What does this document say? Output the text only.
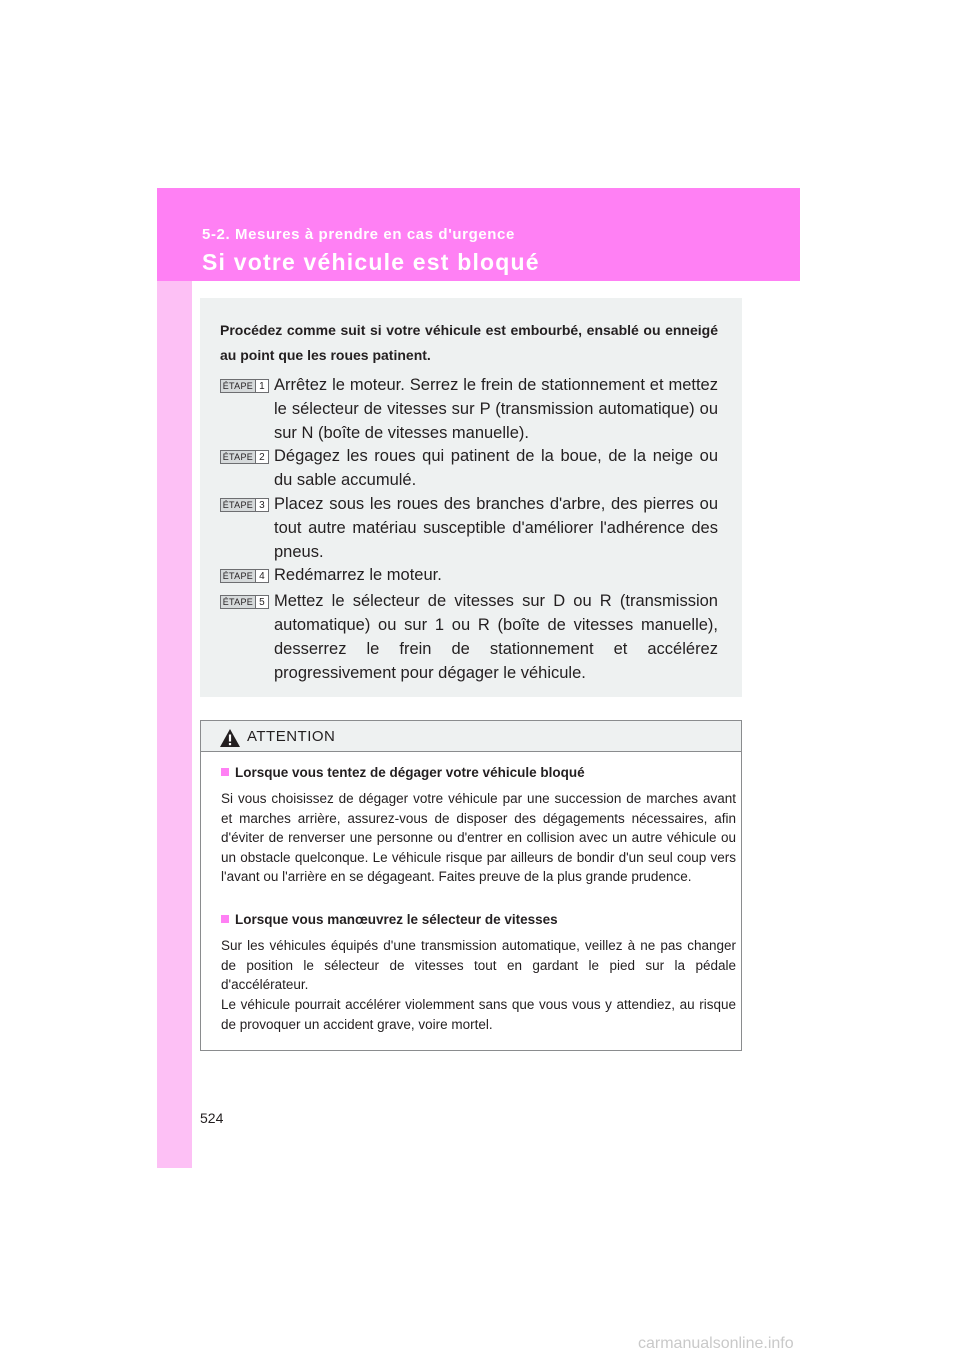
5-2. Mesures à prendre en cas d'urgence
Si votre véhicule est bloqué
Procédez comme suit si votre véhicule est embourbé, ensablé ou enneigé au point que les roues patinent.
ÉTAPE 1 Arrêtez le moteur. Serrez le frein de stationnement et mettez le sélecteur de vitesses sur P (transmission automatique) ou sur N (boîte de vitesses manuelle).
ÉTAPE 2 Dégagez les roues qui patinent de la boue, de la neige ou du sable accumulé.
ÉTAPE 3 Placez sous les roues des branches d'arbre, des pierres ou tout autre matériau susceptible d'améliorer l'adhérence des pneus.
ÉTAPE 4 Redémarrez le moteur.
ÉTAPE 5 Mettez le sélecteur de vitesses sur D ou R (transmission automatique) ou sur 1 ou R (boîte de vitesses manuelle), desserrez le frein de stationnement et accélérez progressivement pour dégager le véhicule.
ATTENTION
Lorsque vous tentez de dégager votre véhicule bloqué
Si vous choisissez de dégager votre véhicule par une succession de marches avant et marches arrière, assurez-vous de disposer des dégagements nécessaires, afin d'éviter de renverser une personne ou d'entrer en collision avec un autre véhicule ou un obstacle quelconque. Le véhicule risque par ailleurs de bondir d'un seul coup vers l'avant ou l'arrière en se dégageant. Faites preuve de la plus grande prudence.
Lorsque vous manœuvrez le sélecteur de vitesses
Sur les véhicules équipés d'une transmission automatique, veillez à ne pas changer de position le sélecteur de vitesses tout en gardant le pied sur la pédale d'accélérateur.
Le véhicule pourrait accélérer violemment sans que vous vous y attendiez, au risque de provoquer un accident grave, voire mortel.
524
carmanualsonline.info
